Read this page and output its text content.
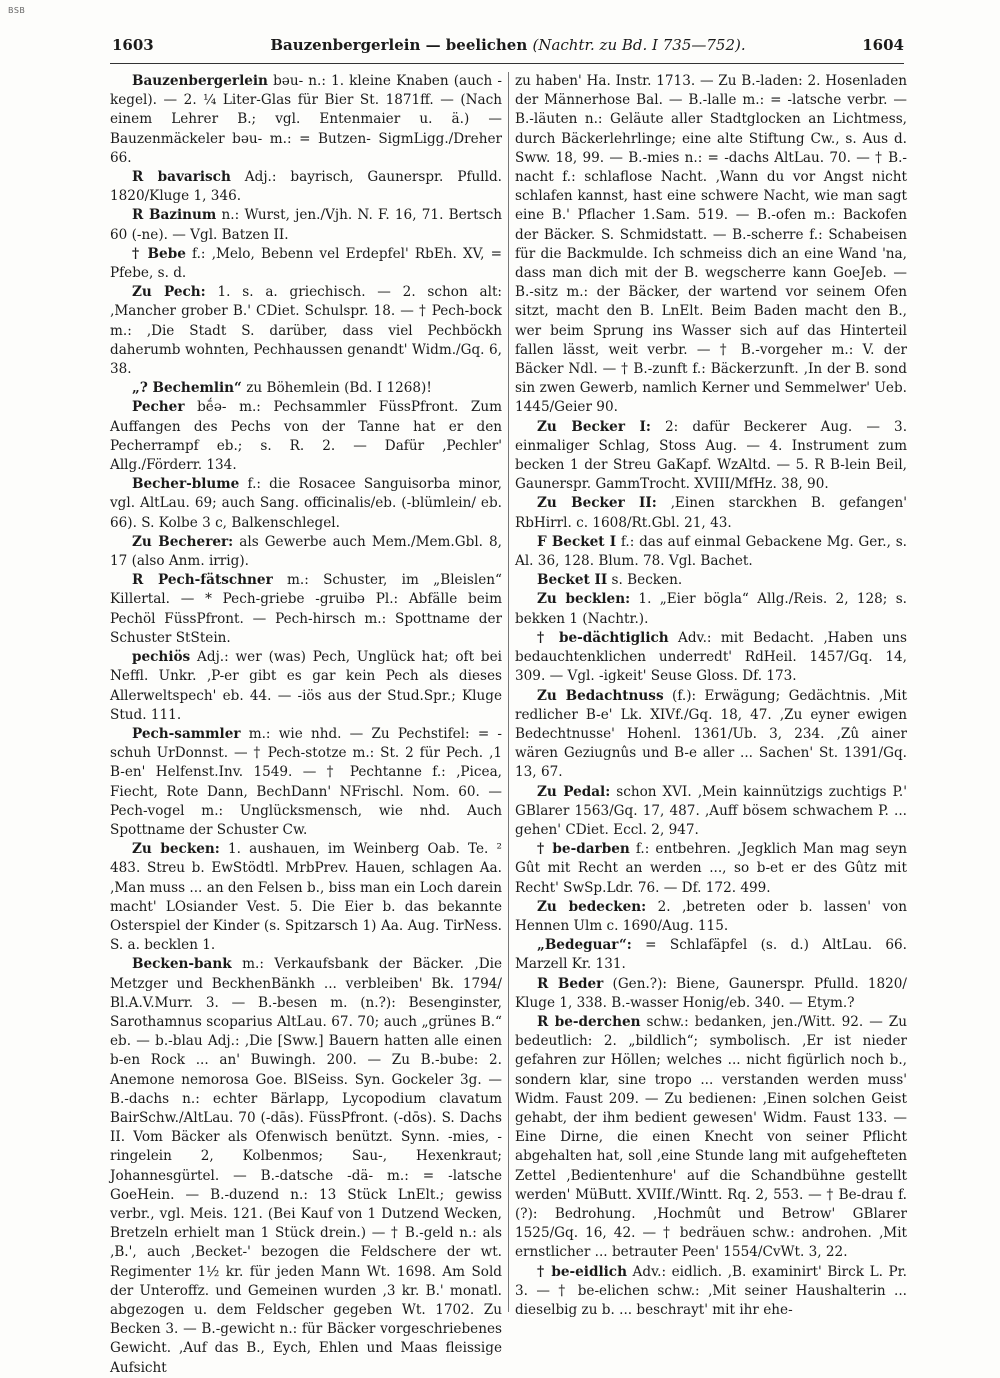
BSB
1603	Bauzenbergerlein — beelichen (Nachtr. zu Bd. I 735—752).	1604

Bauzenbergerlein bəu- n.: 1. kleine Knaben (auch -kegel). — 2. ¼ Liter-Glas für Bier St. 1871ff. — (Nach einem Lehrer B.; vgl. Entenmaier u. ä.) — Bauzenmäckeler bəu- m.: = Butzen- SigmLigg./Dreher 66.

R bavarisch Adj.: bayrisch, Gaunerspr. Pfulld. 1820/Kluge 1, 346.

R Bazinum n.: Wurst, jen./Vjh. N. F. 16, 71. Bertsch 60 (-ne). — Vgl. Batzen II.

† Bebe f.: ‚Melo, Bebenn vel Erdepfel' RbEh. XV, = Pfebe, s. d.

Zu Pech: 1. s. a. griechisch. — 2. schon alt: ‚Mancher grober B.' CDiet. Schulspr. 18. — † Pech-bock m.: ‚Die Stadt S. darüber, dass viel Pechböckh daherumb wohnten, Pechhaussen genandt' Widm./Gq. 6, 38.

„? Bechemlin“ zu Böhemlein (Bd. I 1268)!

Pecher bḗə- m.: Pechsammler FüssPfront. Zum Auffangen des Pechs von der Tanne hat er den Pecherrampf eb.; s. R. 2. — Dafür ‚Pechler' Allg./Förderr. 134.

Becher-blume f.: die Rosacee Sanguisorba minor, vgl. AltLau. 69; auch Sang. officinalis/eb. (-blümlein/ eb. 66). S. Kolbe 3 c, Balkenschlegel.

Zu Becherer: als Gewerbe auch Mem./Mem.Gbl. 8, 17 (also Anm. irrig).

R Pech-fätschner m.: Schuster, im „Bleislen“ Killertal. — * Pech-griebe -gruibə Pl.: Abfälle beim Pechöl FüssPfront. — Pech-hirsch m.: Spottname der Schuster StStein.

pechiös Adj.: wer (was) Pech, Unglück hat; oft bei Neffl. Unkr. ‚P-er gibt es gar kein Pech als dieses Allerweltspech' eb. 44. — -iös aus der Stud.Spr.; Kluge Stud. 111.

Pech-sammler m.: wie nhd. — Zu Pechstifel: = -schuh UrDonnst. — † Pech-stotze m.: St. 2 für Pech. ‚1 B-en' Helfenst.Inv. 1549. — † Pechtanne f.: ‚Picea, Fiecht, Rote Dann, BechDann' NFrischl. Nom. 60. — Pech-vogel m.: Unglücksmensch, wie nhd. Auch Spottname der Schuster Cw.

Zu becken: 1. aushauen, im Weinberg Oab. Te. ² 483. Streu b. EwStödtl. MrbPrev. Hauen, schlagen Aa. ‚Man muss ... an den Felsen b., biss man ein Loch darein macht' LOsiander Vest. 5. Die Eier b. das bekannte Osterspiel der Kinder (s. Spitzarsch 1) Aa. Aug. TirNess. S. a. becklen 1.

Becken-bank m.: Verkaufsbank der Bäcker. ‚Die Metzger und BeckhenBänkh ... verbleiben' Bk. 1794/ Bl.A.V.Murr. 3. — B.-besen m. (n.?): Besenginster, Sarothamnus scoparius AltLau. 67. 70; auch „grünes B.“ eb. — b.-blau Adj.: ‚Die [Sww.] Bauern hatten alle einen b-en Rock ... an' Buwingh. 200. — Zu B.-bube: 2. Anemone nemorosa Goe. BlSeiss. Syn. Gockeler 3g. — B.-dachs n.: echter Bärlapp, Lycopodium clavatum BairSchw./AltLau. 70 (-dās). FüssPfront. (-dōs). S. Dachs II. Vom Bäcker als Ofenwisch benützt. Synn. -mies, -ringelein 2, Kolbenmos; Sau-, Hexenkraut; Johannesgürtel. — B.-datsche -dä- m.: = -latsche GoeHein. — B.-duzend n.: 13 Stück LnElt.; gewiss verbr., vgl. Meis. 121. (Bei Kauf von 1 Dutzend Wecken, Bretzeln erhielt man 1 Stück drein.) — † B.-geld n.: als ‚B.', auch ‚Becket-' bezogen die Feldschere der wt. Regimenter 1½ kr. für jeden Mann Wt. 1698. Am Sold der Unteroffz. und Gemeinen wurden ‚3 kr. B.' monatl. abgezogen u. dem Feldscher gegeben Wt. 1702. Zu Becken 3. — B.-gewicht n.: für Bäcker vorgeschriebenes Gewicht. ‚Auf das B., Eych, Ehlen und Maas fleissige Aufsicht

zu haben' Ha. Instr. 1713. — Zu B.-laden: 2. Hosenladen der Männerhose Bal. — B.-lalle m.: = -latsche verbr. — B.-läuten n.: Geläute aller Stadtglocken an Lichtmess, durch Bäckerlehrlinge; eine alte Stiftung Cw., s. Aus d. Sww. 18, 99. — B.-mies n.: = -dachs AltLau. 70. — † B.-nacht f.: schlaflose Nacht. ‚Wann du vor Angst nicht schlafen kannst, hast eine schwere Nacht, wie man sagt eine B.' Pflacher 1.Sam. 519. — B.-ofen m.: Backofen der Bäcker. S. Schmidstatt. — B.-scherre f.: Schabeisen für die Backmulde. Ich schmeiss dich an eine Wand 'na, dass man dich mit der B. wegscherre kann GoeJeb. — B.-sitz m.: der Bäcker, der wartend vor seinem Ofen sitzt, macht den B. LnElt. Beim Baden macht den B., wer beim Sprung ins Wasser sich auf das Hinterteil fallen lässt, weit verbr. — † B.-vorgeher m.: V. der Bäcker Ndl. — † B.-zunft f.: Bäckerzunft. ‚In der B. sond sin zwen Gewerb, namlich Kerner und Semmelwer' Ueb. 1445/Geier 90.

Zu Becker I: 2: dafür Beckerer Aug. — 3. einmaliger Schlag, Stoss Aug. — 4. Instrument zum becken 1 der Streu GaKapf. WzAltd. — 5. R B-lein Beil, Gaunerspr. GammTrocht. XVIII/MfHz. 38, 90.

Zu Becker II: ‚Einen starckhen B. gefangen' RbHirrl. c. 1608/Rt.Gbl. 21, 43.

F Becket I f.: das auf einmal Gebackene Mg. Ger., s. Al. 36, 128. Blum. 78. Vgl. Bachet.

Becket II s. Becken.

Zu becklen: 1. „Eier bögla“ Allg./Reis. 2, 128; s. bekken 1 (Nachtr.).

† be-dächtiglich Adv.: mit Bedacht. ‚Haben uns bedauchtenklichen underredt' RdHeil. 1457/Gq. 14, 309. — Vgl. -igkeit' Seuse Gloss. Df. 173.

Zu Bedachtnuss (f.): Erwägung; Gedächtnis. ‚Mit redlicher B-e' Lk. XIVf./Gq. 18, 47. ‚Zu eyner ewigen Bedechtnusse' Hohenl. 1361/Ub. 3, 234. ‚Zû ainer wären Geziugnûs und B-e aller ... Sachen' St. 1391/Gq. 13, 67.

Zu Pedal: schon XVI. ‚Mein kainnützigs zuchtigs P.' GBlarer 1563/Gq. 17, 487. ‚Auff bösem schwachem P. ... gehen' CDiet. Eccl. 2, 947.

† be-darben f.: entbehren. ‚Jegklich Man mag seyn Gût mit Recht an werden ..., so b-et er des Gûtz mit Recht' SwSp.Ldr. 76. — Df. 172. 499.

Zu bedecken: 2. ‚betreten oder b. lassen' von Hennen Ulm c. 1690/Aug. 115.

„Bedeguar“: = Schlafäpfel (s. d.) AltLau. 66. Marzell Kr. 131.

R Beder (Gen.?): Biene, Gaunerspr. Pfulld. 1820/ Kluge 1, 338. B.-wasser Honig/eb. 340. — Etym.?

R be-derchen schw.: bedanken, jen./Witt. 92. — Zu bedeutlich: 2. „bildlich“; symbolisch. ‚Er ist nieder gefahren zur Höllen; welches ... nicht figürlich noch b., sondern klar, sine tropo ... verstanden werden muss' Widm. Faust 209. — Zu bedienen: ‚Einen solchen Geist gehabt, der ihm bedient gewesen' Widm. Faust 133. — Eine Dirne, die einen Knecht von seiner Pflicht abgehalten hat, soll ‚eine Stunde lang mit aufgehefteten Zettel ‚Bedientenhure' auf die Schandbühne gestellt werden' MüButt. XVIIf./Wintt. Rq. 2, 553. — † Be-drau f. (?): Bedrohung. ‚Hochmût und Betrow' GBlarer 1525/Gq. 16, 42. — † bedräuen schw.: androhen. ‚Mit ernstlicher ... betrauter Peen' 1554/CvWt. 3, 22.

† be-eidlich Adv.: eidlich. ‚B. examinirt' Birck L. Pr. 3. — † be-elichen schw.: ‚Mit seiner Haushalterin ... dieselbig zu b. ... beschrayt' mit ihr ehe-
